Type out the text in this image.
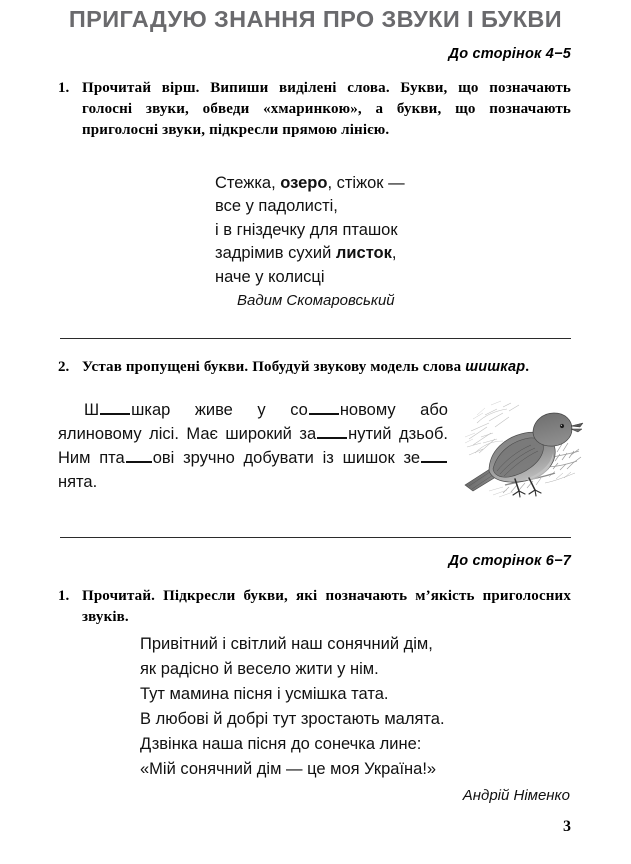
ПРИГАДУЮ ЗНАННЯ ПРО ЗВУКИ І БУКВИ
До сторінок 4−5
1. Прочитай вірш. Випиши виділені слова. Букви, що позначають голосні звуки, обведи «хмаринкою», а букви, що позначають приголосні звуки, підкресли прямою лінією.
Стежка, озеро, стіжок —
все у падолисті,
і в гніздечку для пташок
задрімив сухий листок,
наче у колисці
Вадим Скомаровський
2. Устав пропущені букви. Побудуй звукову модель слова шишкар.
Ш шкар живе у со новому або ялиновому лісі. Має широкий за нутий дзьоб. Ним пта ові зручно добувати із шишок зенята.
До сторінок 6−7
1. Прочитай. Підкресли букви, які позначають м’якість приголосних звуків.
Привітний і світлий наш сонячний дім,
як радісно й весело жити у нім.
Тут мамина пісня і усмішка тата.
В любові й добрі тут зростають малята.
Дзвінка наша пісня до сонечка лине:
«Мій сонячний дім — це моя Україна!»
Андрій Німенко
3
